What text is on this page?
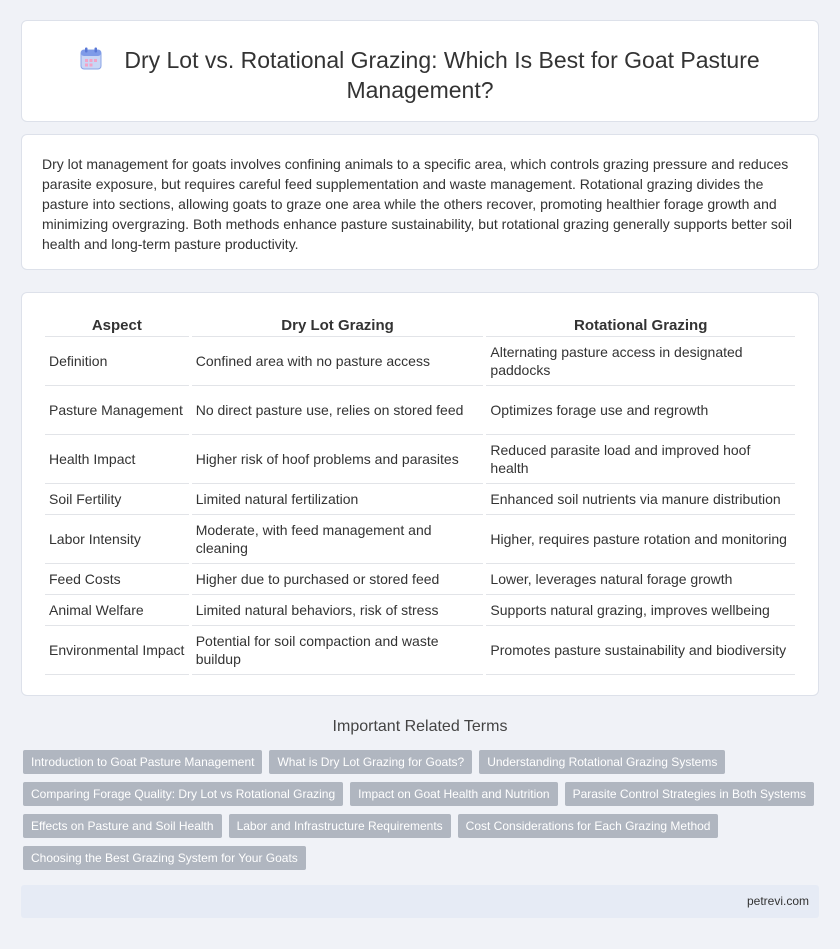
Dry Lot vs. Rotational Grazing: Which Is Best for Goat Pasture Management?

Dry lot management for goats involves confining animals to a specific area, which controls grazing pressure and reduces parasite exposure, but requires careful feed supplementation and waste management. Rotational grazing divides the pasture into sections, allowing goats to graze one area while the others recover, promoting healthier forage growth and minimizing overgrazing. Both methods enhance pasture sustainability, but rotational grazing generally supports better soil health and long-term pasture productivity.

Aspect	Dry Lot Grazing	Rotational Grazing
Definition	Confined area with no pasture access	Alternating pasture access in designated paddocks
Pasture Management	No direct pasture use, relies on stored feed	Optimizes forage use and regrowth
Health Impact	Higher risk of hoof problems and parasites	Reduced parasite load and improved hoof health
Soil Fertility	Limited natural fertilization	Enhanced soil nutrients via manure distribution
Labor Intensity	Moderate, with feed management and cleaning	Higher, requires pasture rotation and monitoring
Feed Costs	Higher due to purchased or stored feed	Lower, leverages natural forage growth
Animal Welfare	Limited natural behaviors, risk of stress	Supports natural grazing, improves wellbeing
Environmental Impact	Potential for soil compaction and waste buildup	Promotes pasture sustainability and biodiversity
Important Related Terms
Introduction to Goat Pasture Management	What is Dry Lot Grazing for Goats?	Understanding Rotational Grazing Systems
Comparing Forage Quality: Dry Lot vs Rotational Grazing	Impact on Goat Health and Nutrition	Parasite Control Strategies in Both Systems
Effects on Pasture and Soil Health	Labor and Infrastructure Requirements	Cost Considerations for Each Grazing Method
Choosing the Best Grazing System for Your Goats
petrevi.com
